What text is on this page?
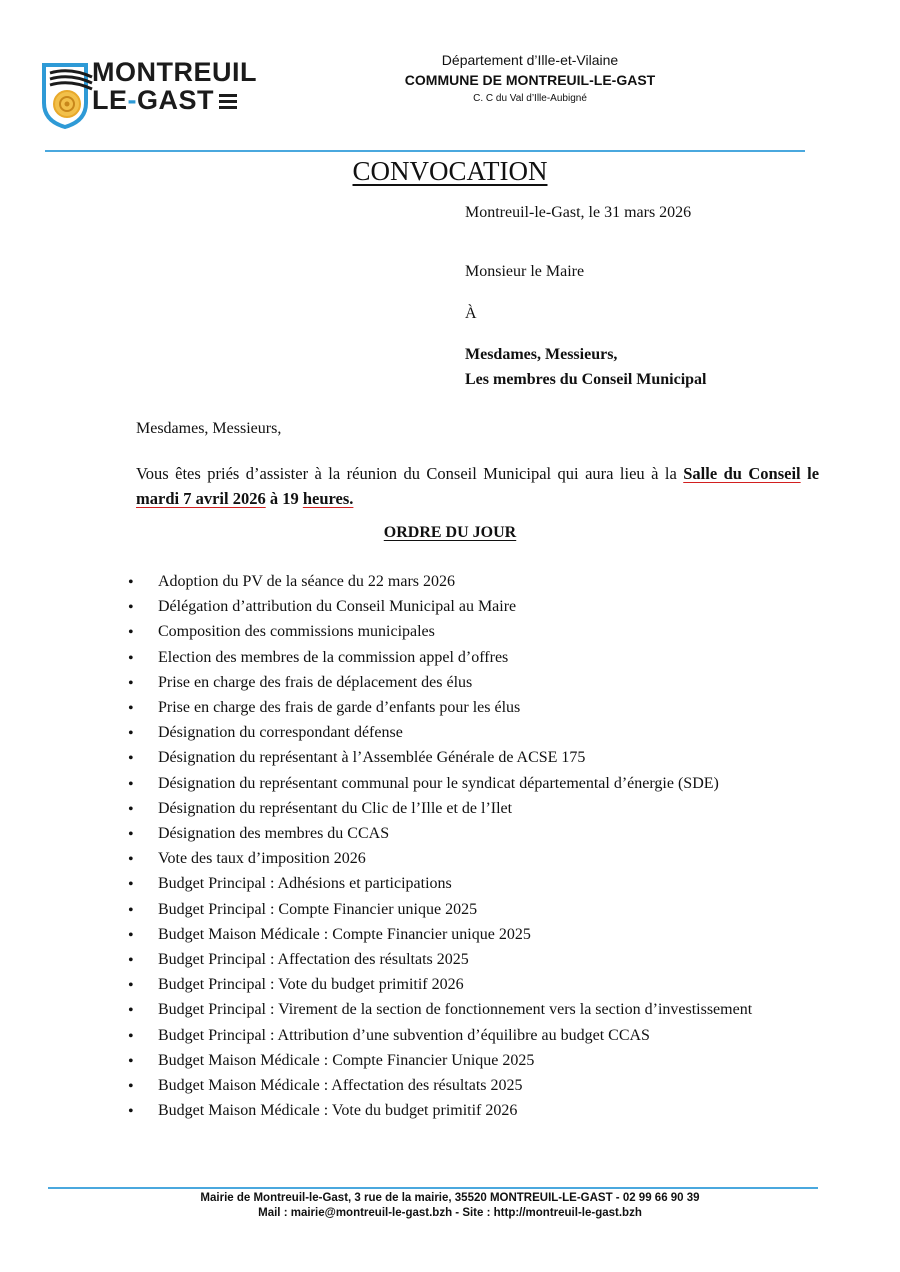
MONTREUIL
LE-GAST
Département d’Ille-et-Vilaine
COMMUNE DE MONTREUIL-LE-GAST
C. C du Val d’Ille-Aubigné
CONVOCATION
Montreuil-le-Gast, le 31 mars 2026
Monsieur le Maire
À
Mesdames, Messieurs,
Les membres du Conseil Municipal
Mesdames, Messieurs,
Vous êtes priés d’assister à la réunion du Conseil Municipal qui aura lieu à la Salle du Conseil le mardi 7 avril 2026 à 19 heures.
ORDRE DU JOUR
• Adoption du PV de la séance du 22 mars 2026
• Délégation d’attribution du Conseil Municipal au Maire
• Composition des commissions municipales
• Election des membres de la commission appel d’offres
• Prise en charge des frais de déplacement des élus
• Prise en charge des frais de garde d’enfants pour les élus
• Désignation du correspondant défense
• Désignation du représentant à l’Assemblée Générale de ACSE 175
• Désignation du représentant communal pour le syndicat départemental d’énergie (SDE)
• Désignation du représentant du Clic de l’Ille et de l’Ilet
• Désignation des membres du CCAS
• Vote des taux d’imposition 2026
• Budget Principal : Adhésions et participations
• Budget Principal : Compte Financier unique 2025
• Budget Maison Médicale : Compte Financier unique 2025
• Budget Principal : Affectation des résultats 2025
• Budget Principal : Vote du budget primitif 2026
• Budget Principal : Virement de la section de fonctionnement vers la section d’investissement
• Budget Principal : Attribution d’une subvention d’équilibre au budget CCAS
• Budget Maison Médicale : Compte Financier Unique 2025
• Budget Maison Médicale : Affectation des résultats 2025
• Budget Maison Médicale : Vote du budget primitif 2026
Mairie de Montreuil-le-Gast, 3 rue de la mairie, 35520 MONTREUIL-LE-GAST - 02 99 66 90 39
Mail : mairie@montreuil-le-gast.bzh - Site : http://montreuil-le-gast.bzh
